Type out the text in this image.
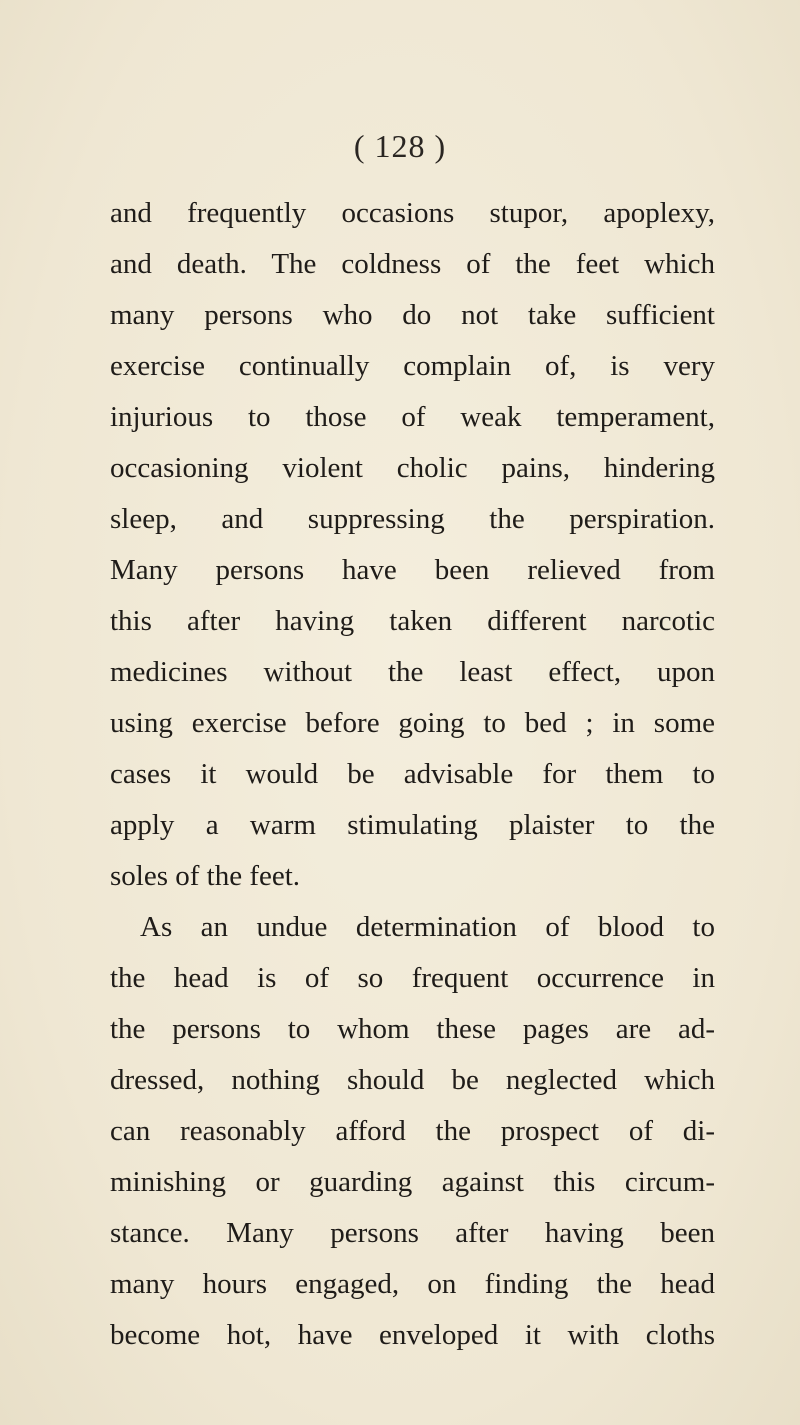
( 128 )
and frequently occasions stupor, apoplexy,
and death. The coldness of the feet which
many persons who do not take sufficient
exercise continually complain of, is very
injurious to those of weak temperament,
occasioning violent cholic pains, hindering
sleep, and suppressing the perspiration.
Many persons have been relieved from
this after having taken different narcotic
medicines without the least effect, upon
using exercise before going to bed ; in some
cases it would be advisable for them to
apply a warm stimulating plaister to the
soles of the feet.
As an undue determination of blood to
the head is of so frequent occurrence in
the persons to whom these pages are ad-
dressed, nothing should be neglected which
can reasonably afford the prospect of di-
minishing or guarding against this circum-
stance. Many persons after having been
many hours engaged, on finding the head
become hot, have enveloped it with cloths
